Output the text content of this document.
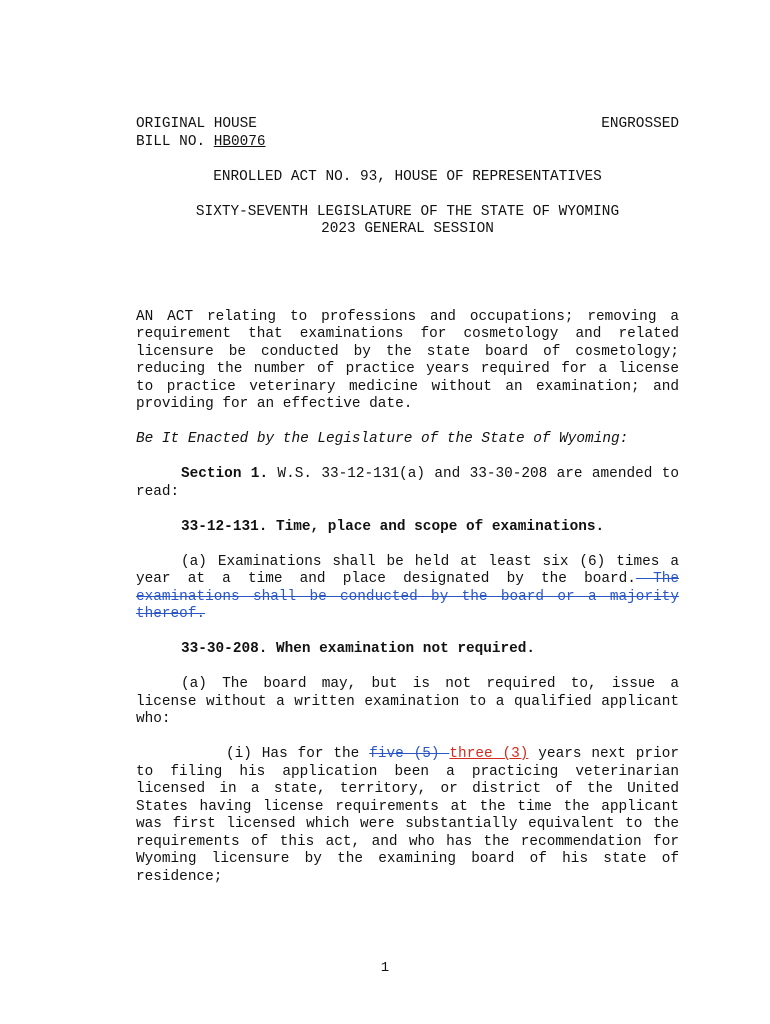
ORIGINAL HOUSE	ENGROSSED
BILL NO. HB0076
ENROLLED ACT NO. 93, HOUSE OF REPRESENTATIVES
SIXTY-SEVENTH LEGISLATURE OF THE STATE OF WYOMING
2023 GENERAL SESSION
AN ACT relating to professions and occupations; removing a requirement that examinations for cosmetology and related licensure be conducted by the state board of cosmetology; reducing the number of practice years required for a license to practice veterinary medicine without an examination; and providing for an effective date.
Be It Enacted by the Legislature of the State of Wyoming:
Section 1. W.S. 33-12-131(a) and 33-30-208 are amended to read:
33-12-131. Time, place and scope of examinations.
(a) Examinations shall be held at least six (6) times a year at a time and place designated by the board. The examinations shall be conducted by the board or a majority thereof.
33-30-208. When examination not required.
(a) The board may, but is not required to, issue a license without a written examination to a qualified applicant who:
(i) Has for the five (5) three (3) years next prior to filing his application been a practicing veterinarian licensed in a state, territory, or district of the United States having license requirements at the time the applicant was first licensed which were substantially equivalent to the requirements of this act, and who has the recommendation for Wyoming licensure by the examining board of his state of residence;
1
